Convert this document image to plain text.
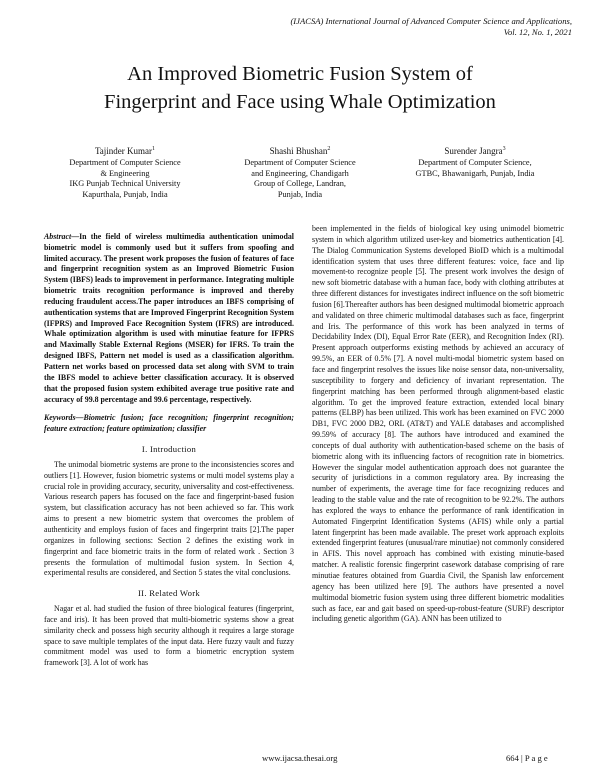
(IJACSA) International Journal of Advanced Computer Science and Applications,
Vol. 12, No. 1, 2021
An Improved Biometric Fusion System of
Fingerprint and Face using Whale Optimization
Tajinder Kumar$^1$
Department of Computer Science
& Engineering
IKG Punjab Technical University
Kapurthala, Punjab, India
Shashi Bhushan$^2$
Department of Computer Science
and Engineering, Chandigarh
Group of College, Landran,
Punjab, India
Surender Jangra$^3$
Department of Computer Science,
GTBC, Bhawanigarh, Punjab, India

Abstract—In the field of wireless multimedia authentication unimodal biometric model is commonly used but it suffers from spoofing and limited accuracy. The present work proposes the fusion of features of face and fingerprint recognition system as an Improved Biometric Fusion System (IBFS) leads to improvement in performance. Integrating multiple biometric traits recognition performance is improved and thereby reducing fraudulent access.The paper introduces an IBFS comprising of authentication systems that are Improved Fingerprint Recognition System (IFPRS) and Improved Face Recognition System (IFRS) are introduced. Whale optimization algorithm is used with minutiae feature for IFPRS and Maximally Stable External Regions (MSER) for IFRS. To train the designed IBFS, Pattern net model is used as a classification algorithm. Pattern net works based on processed data set along with SVM to train the IBFS model to achieve better classification accuracy. It is observed that the proposed fusion system exhibited average true positive rate and accuracy of 99.8 percentage and 99.6 percentage, respectively.

Keywords—Biometric fusion; face recognition; fingerprint recognition; feature extraction; feature optimization; classifier

I. Introduction

The unimodal biometric systems are prone to the inconsistencies scores and outliers [1]. However, fusion biometric systems or multi model systems play a crucial role in providing accuracy, security, universality and cost-effectiveness. Various research papers has focused on the face and fingerprint-based fusion system, but classification accuracy has not been achieved so far. This work aims to present a new biometric system that overcomes the problem of authenticity and employs fusion of faces and fingerprint traits [2].The paper organizes in following sections: Section 2 defines the existing work in fingerprint and face biometric traits in the form of related work . Section 3 presents the formulation of multimodal fusion system. In Section 4, experimental results are considered, and Section 5 states the vital conclusions.

II. Related Work

Nagar et al. had studied the fusion of three biological features (fingerprint, face and iris). It has been proved that multi-biometric systems show a great similarity check and possess high security although it requires a large storage space to save multiple templates of the input data. Here fuzzy vault and fuzzy commitment model was used to form a biometric encryption system framework [3]. A lot of work has

been implemented in the fields of biological key using unimodel biometric system in which algorithm utilized user-key and biometrics authentication [4]. The Dialog Communication Systems developed BioID which is a multimodal identification system that uses three different features: voice, face and lip movement-to recognize people [5]. The present work involves the design of new soft biometric database with a human face, body with clothing attributes at three different distances for investigates indirect influence on the soft biometric fusion [6].Thereafter authors has been designed multimodal biometric approach and validated on three chimeric multimodal databases such as face, fingerprint and Iris. The performance of this work has been analyzed in terms of Decidability Index (DI), Equal Error Rate (EER), and Recognition Index (RI). Present approach outperforms existing methods by achieved an accuracy of 99.5%, an EER of 0.5% [7]. A novel multi-modal biometric system based on face and fingerprint resolves the issues like noise sensor data, non-universality, susceptibility to forgery and deficiency of invariant representation. The fingerprint matching has been performed through alignment-based elastic algorithm. To get the improved feature extraction, extended local binary patterns (ELBP) has been utilized. This work has been examined on FVC 2000 DB1, FVC 2000 DB2, ORL (AT&T) and YALE databases and accomplished 99.59% of accuracy [8]. The authors have introduced and examined the concepts of dual authority with authentication-based scheme on the basis of biometric along with its influencing factors of recognition rate in biometrics. However the singular model authentication approach does not guarantee the security of jurisdictions in a common regulatory area. By increasing the number of experiments, the average time for face recognizing reduces and leading to the stable value and the rate of recognition to be 92.2%. The authors has explored the ways to enhance the performance of rank identification in Automated Fingerprint Identification Systems (AFIS) while only a partial latent fingerprint has been made available. The preset work approach exploits extended fingerprint features (unusual/rare minutiae) not commonly considered in AFIS. This novel approach has combined with existing minutie-based matcher. A realistic forensic fingerprint casework database comprising of rare minutiae features obtained from Guardia Civil, the Spanish law enforcement agency has been utilized here [9]. The authors have presented a novel multimodal biometric fusion system using three different biometric modalities such as face, ear and gait based on speed-up-robust-feature (SURF) descriptor including genetic algorithm (GA). ANN has been utilized to

www.ijacsa.thesai.org	664 | P a g e
